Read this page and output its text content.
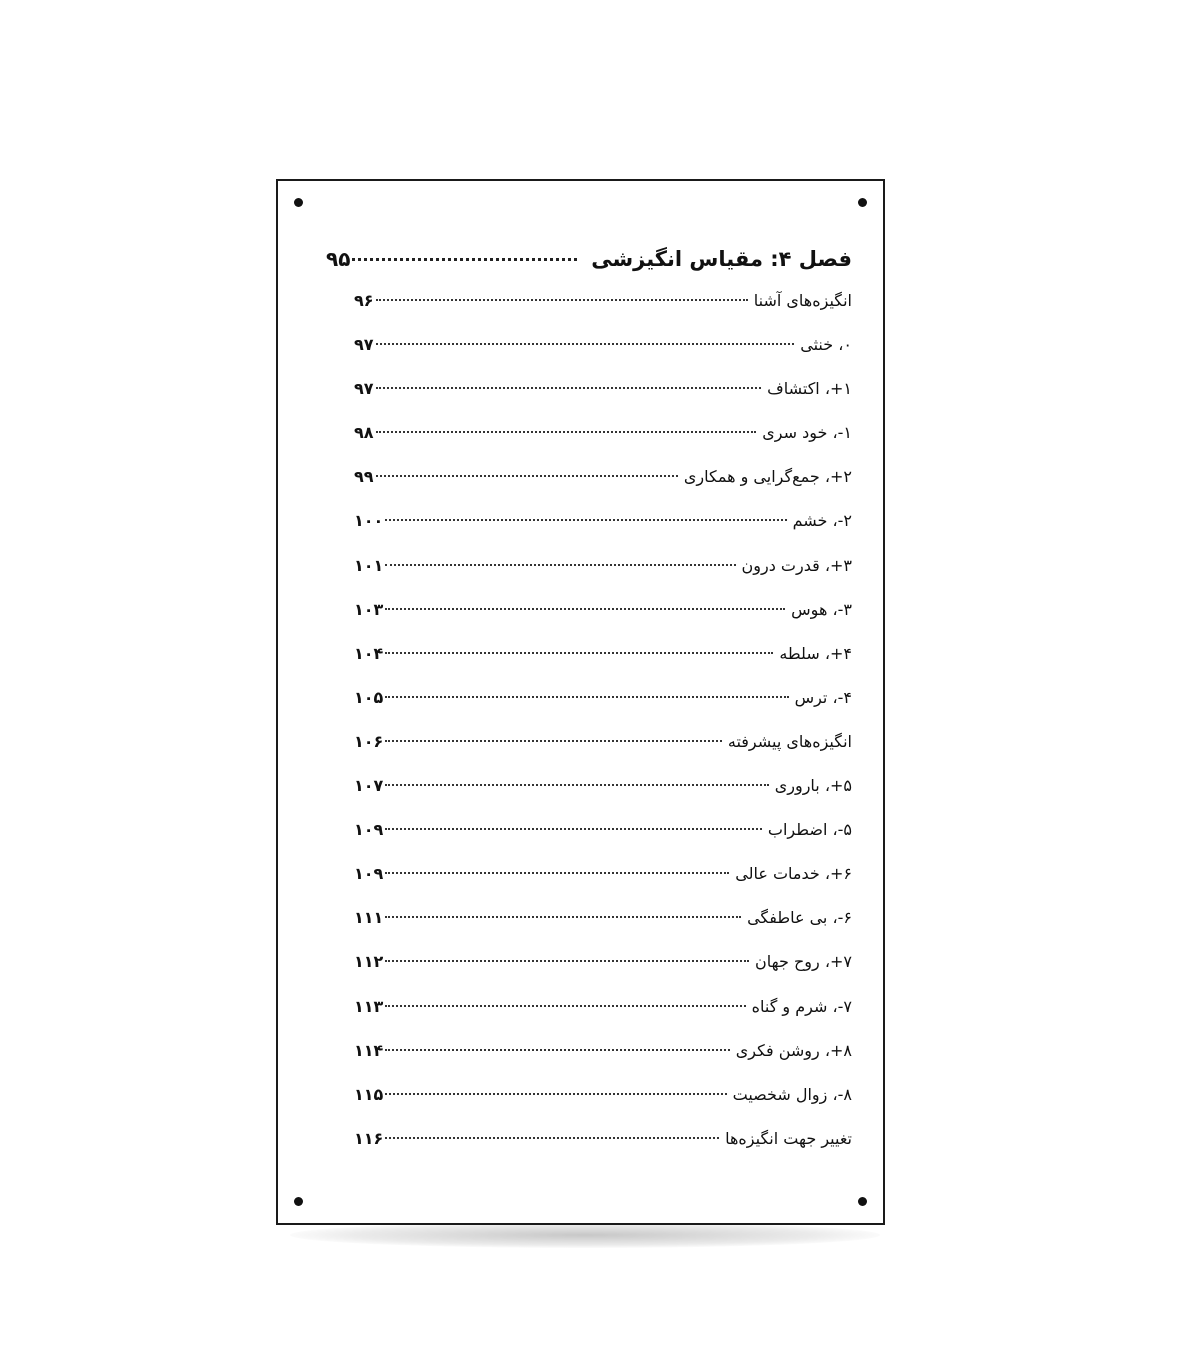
فصل ۴: مقیاس انگیزشی
۹۵
انگیزه‌های آشنا
۹۶
۰، خنثی
۹۷
۱+، اکتشاف
۹۷
۱-، خود سری
۹۸
۲+، جمع‌گرایی و همکاری
۹۹
۲-، خشم
۱۰۰
۳+، قدرت درون
۱۰۱
۳-، هوس
۱۰۳
۴+، سلطه
۱۰۴
۴-، ترس
۱۰۵
انگیزه‌های پیشرفته
۱۰۶
۵+، باروری
۱۰۷
۵-، اضطراب
۱۰۹
۶+، خدمات عالی
۱۰۹
۶-، بی عاطفگی
۱۱۱
۷+، روح جهان
۱۱۲
۷-، شرم و گناه
۱۱۳
۸+، روشن فکری
۱۱۴
۸-، زوال شخصیت
۱۱۵
تغییر جهت انگیزه‌ها
۱۱۶
